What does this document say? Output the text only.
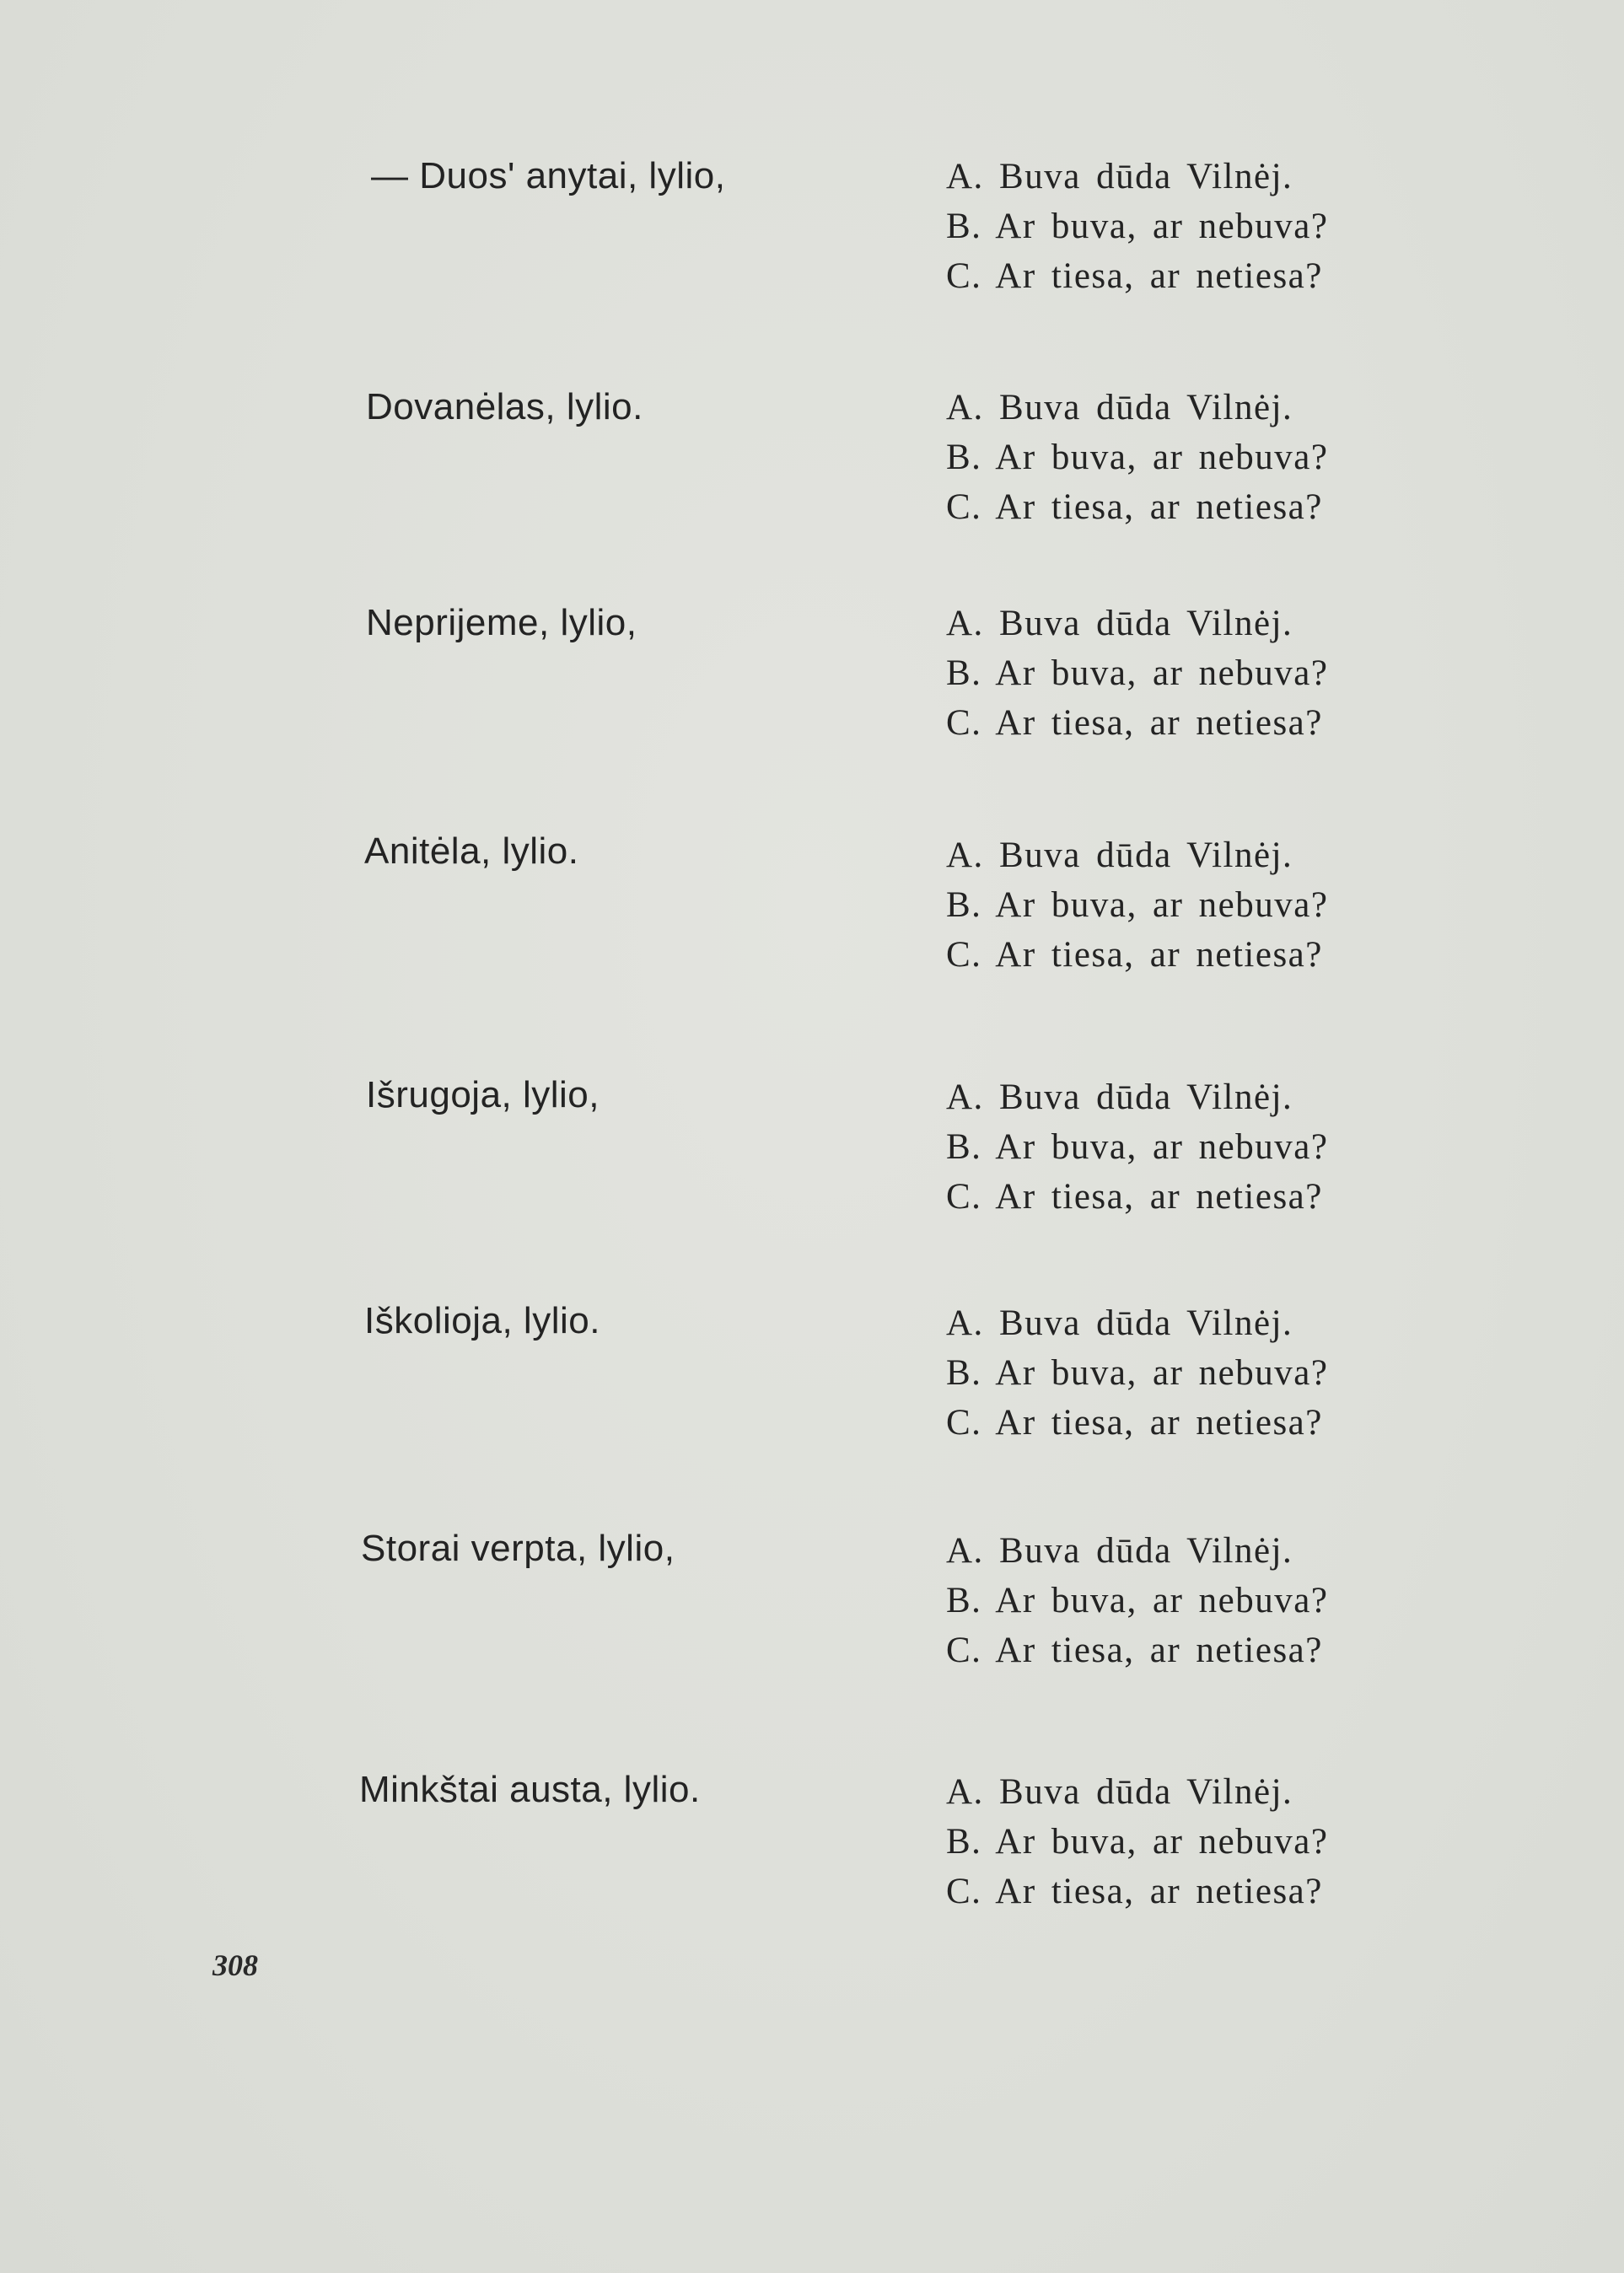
— Duos' anytai, lylio,	A. Buva dūda Vilnėj.
B. Ar buva, ar nebuva?
C. Ar tiesa, ar netiesa?
Dovanėlas, lylio.	A. Buva dūda Vilnėj.
B. Ar buva, ar nebuva?
C. Ar tiesa, ar netiesa?
Neprijeme, lylio,	A. Buva dūda Vilnėj.
B. Ar buva, ar nebuva?
C. Ar tiesa, ar netiesa?
Anitėla, lylio.	A. Buva dūda Vilnėj.
B. Ar buva, ar nebuva?
C. Ar tiesa, ar netiesa?
Išrugoja, lylio,	A. Buva dūda Vilnėj.
B. Ar buva, ar nebuva?
C. Ar tiesa, ar netiesa?
Iškolioja, lylio.	A. Buva dūda Vilnėj.
B. Ar buva, ar nebuva?
C. Ar tiesa, ar netiesa?
Storai verpta, lylio,	A. Buva dūda Vilnėj.
B. Ar buva, ar nebuva?
C. Ar tiesa, ar netiesa?
Minkštai austa, lylio.	A. Buva dūda Vilnėj.
B. Ar buva, ar nebuva?
C. Ar tiesa, ar netiesa?
308
